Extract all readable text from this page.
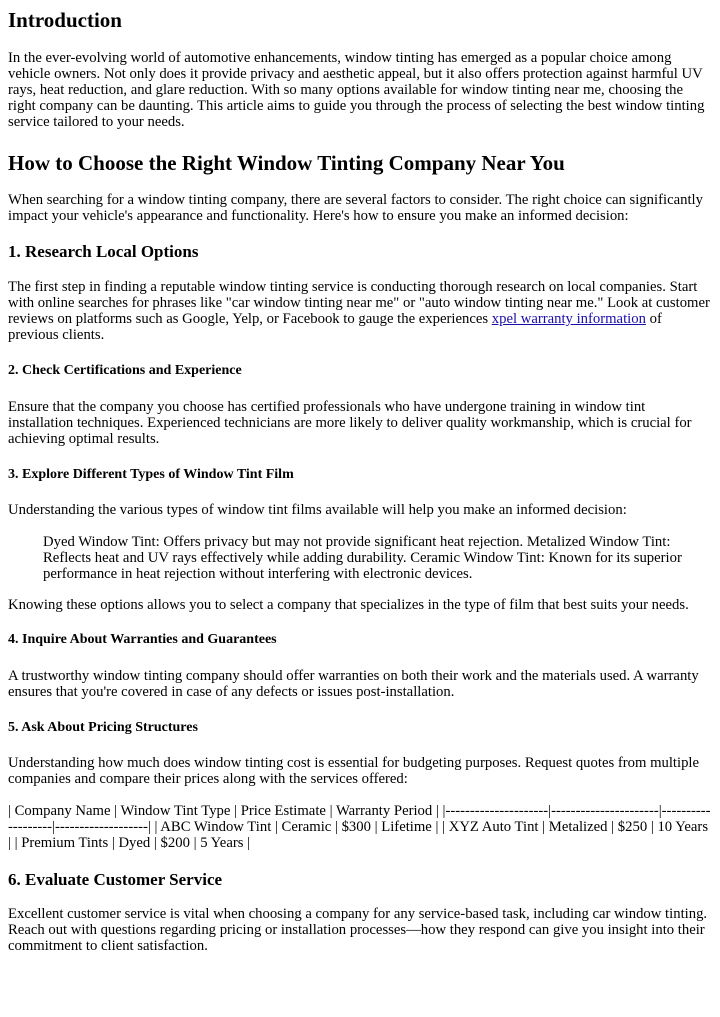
Introduction

In the ever-evolving world of automotive enhancements, window tinting has emerged as a popular choice among vehicle owners. Not only does it provide privacy and aesthetic appeal, but it also offers protection against harmful UV rays, heat reduction, and glare reduction. With so many options available for window tinting near me, choosing the right company can be daunting. This article aims to guide you through the process of selecting the best window tinting service tailored to your needs.

How to Choose the Right Window Tinting Company Near You

When searching for a window tinting company, there are several factors to consider. The right choice can significantly impact your vehicle's appearance and functionality. Here's how to ensure you make an informed decision:

1. Research Local Options

The first step in finding a reputable window tinting service is conducting thorough research on local companies. Start with online searches for phrases like "car window tinting near me" or "auto window tinting near me." Look at customer reviews on platforms such as Google, Yelp, or Facebook to gauge the experiences xpel warranty information of previous clients.

2. Check Certifications and Experience

Ensure that the company you choose has certified professionals who have undergone training in window tint installation techniques. Experienced technicians are more likely to deliver quality workmanship, which is crucial for achieving optimal results.

3. Explore Different Types of Window Tint Film

Understanding the various types of window tint films available will help you make an informed decision:

Dyed Window Tint: Offers privacy but may not provide significant heat rejection. Metalized Window Tint: Reflects heat and UV rays effectively while adding durability. Ceramic Window Tint: Known for its superior performance in heat rejection without interfering with electronic devices.

Knowing these options allows you to select a company that specializes in the type of film that best suits your needs.

4. Inquire About Warranties and Guarantees

A trustworthy window tinting company should offer warranties on both their work and the materials used. A warranty ensures that you're covered in case of any defects or issues post-installation.

5. Ask About Pricing Structures

Understanding how much does window tinting cost is essential for budgeting purposes. Request quotes from multiple companies and compare their prices along with the services offered:

| Company Name | Window Tint Type | Price Estimate | Warranty Period | |---------------------|----------------------|-------------------|-------------------| | ABC Window Tint | Ceramic | $300 | Lifetime | | XYZ Auto Tint | Metalized | $250 | 10 Years | | Premium Tints | Dyed | $200 | 5 Years |

6. Evaluate Customer Service

Excellent customer service is vital when choosing a company for any service-based task, including car window tinting. Reach out with questions regarding pricing or installation processes—how they respond can give you insight into their commitment to client satisfaction.
